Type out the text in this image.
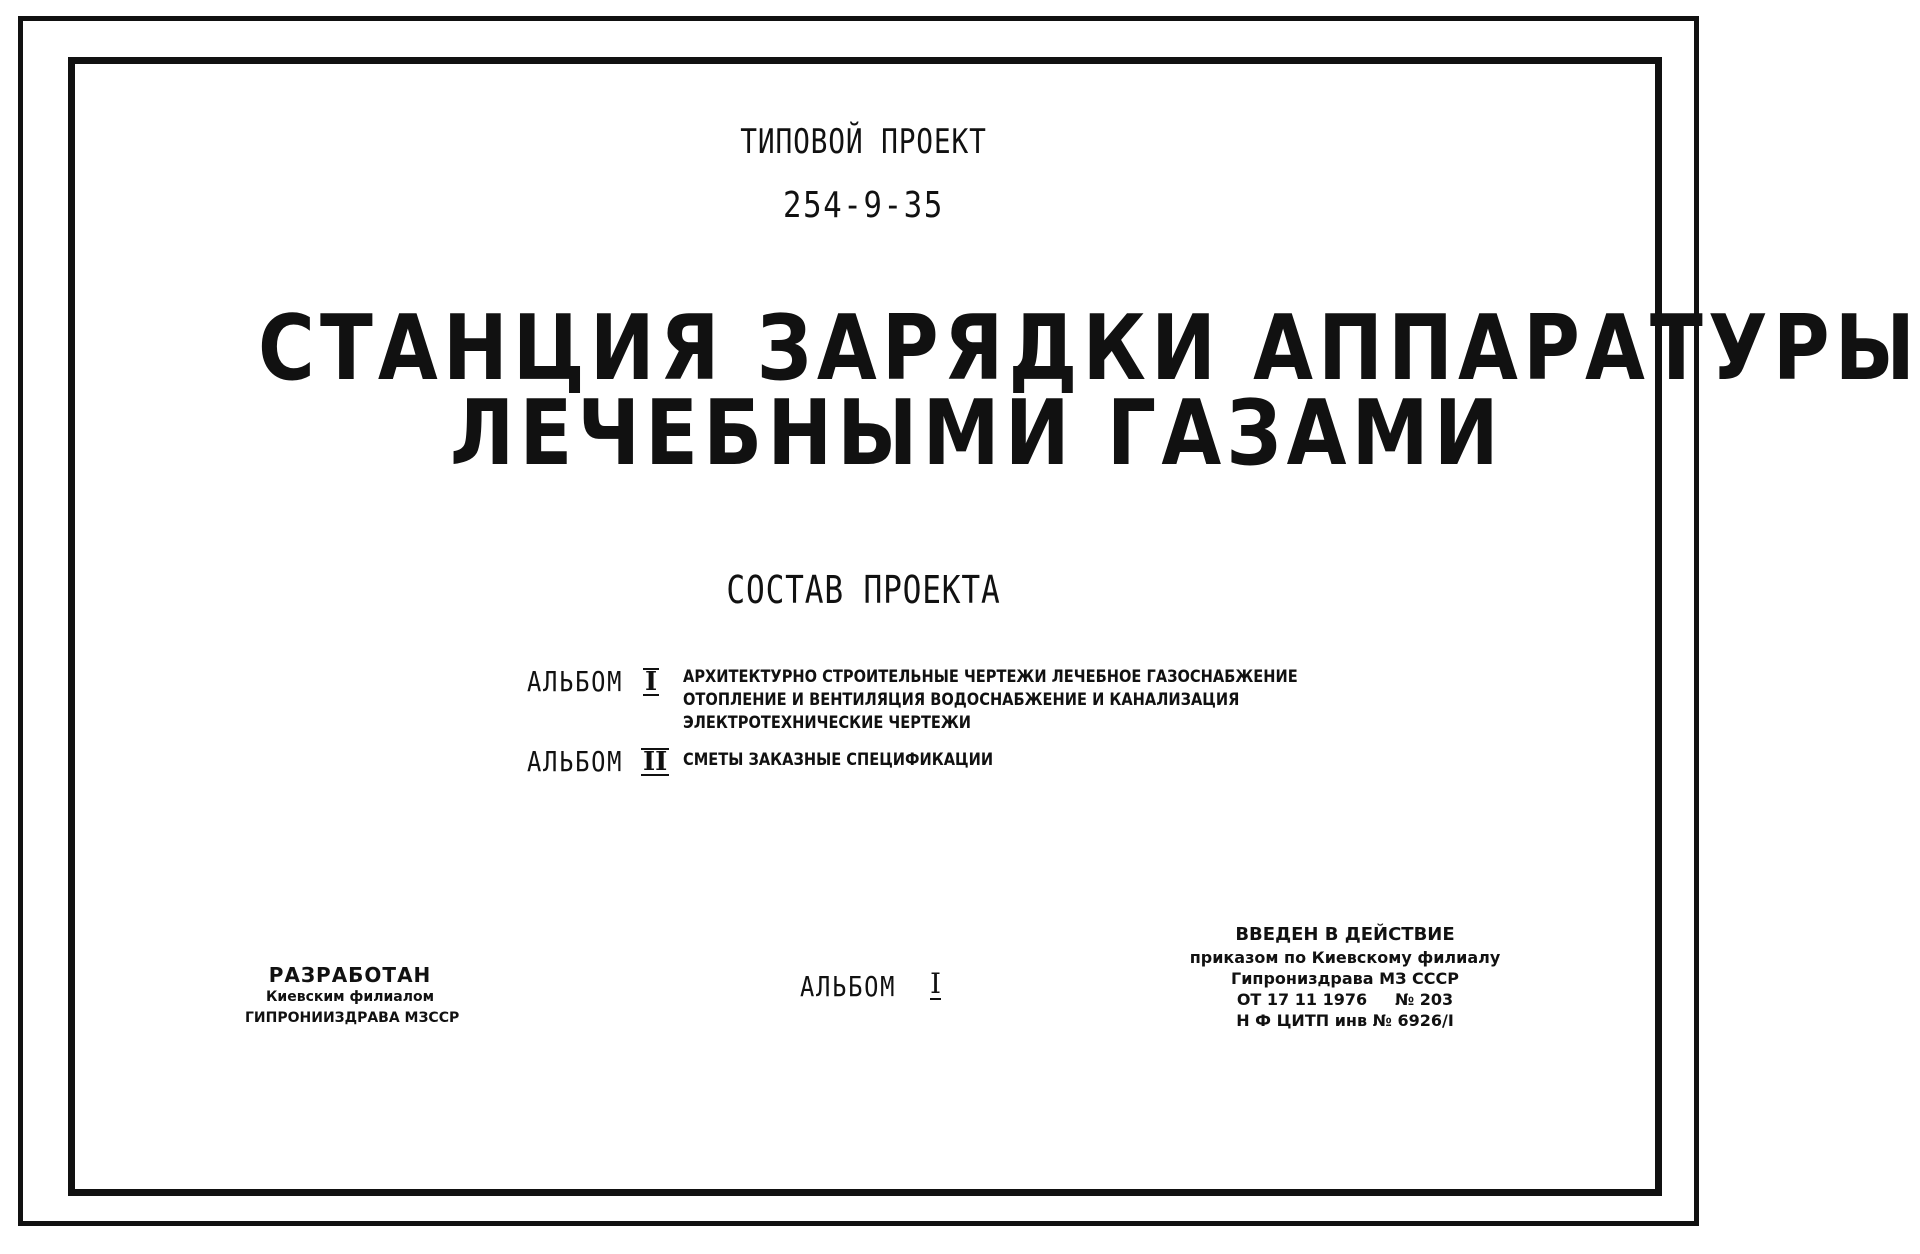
ТИПОВОЙ ПРОЕКТ
254-9-35
СТАНЦИЯ ЗАРЯДКИ АППАРАТУРЫ
ЛЕЧЕБНЫМИ ГАЗАМИ
СОСТАВ ПРОЕКТА
АЛЬБОМ I АРХИТЕКТУРНО СТРОИТЕЛЬНЫЕ ЧЕРТЕЖИ ЛЕЧЕБНОЕ ГАЗОСНАБЖЕНИЕ
ОТОПЛЕНИЕ И ВЕНТИЛЯЦИЯ ВОДОСНАБЖЕНИЕ И КАНАЛИЗАЦИЯ
ЭЛЕКТРОТЕХНИЧЕСКИЕ ЧЕРТЕЖИ
АЛЬБОМ II СМЕТЫ ЗАКАЗНЫЕ СПЕЦИФИКАЦИИ
РАЗРАБОТАН
Киевским филиалом
ГИПРОНИИЗДРАВА МЗССР
АЛЬБОМ I
ВВЕДЕН В ДЕЙСТВИЕ
приказом по Киевскому филиалу
Гипрониздрава МЗ СССР
ОТ 17 11 1976     № 203
Н Ф ЦИТП инв № 6926/I
